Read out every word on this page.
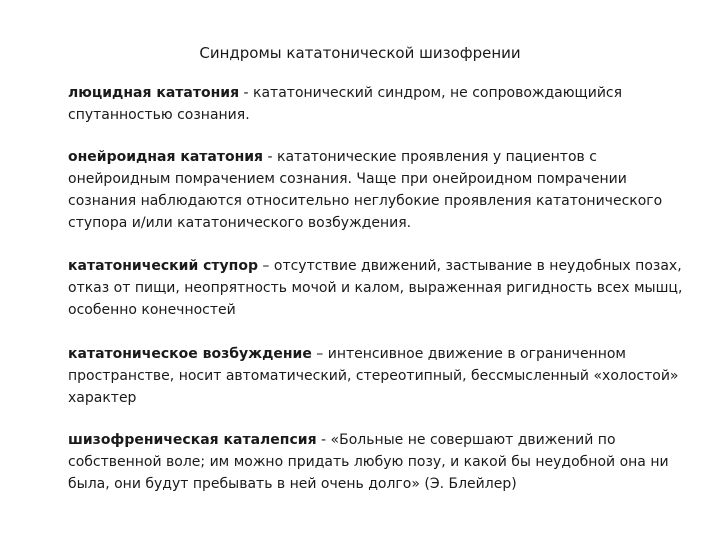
Синдромы кататонической шизофрении

люцидная кататония - кататонический синдром, не сопровождающийся спутанностью сознания.

онейроидная кататония - кататонические проявления у пациентов с онейроидным помрачением сознания. Чаще при онейроидном помрачении сознания наблюдаются относительно неглубокие проявления кататонического ступора и/или кататонического возбуждения.

кататонический ступор – отсутствие движений, застывание в неудобных позах, отказ от пищи, неопрятность мочой и калом, выраженная ригидность всех мышц, особенно конечностей

кататоническое возбуждение – интенсивное движение в ограниченном пространстве, носит автоматический, стереотипный, бессмысленный «холостой» характер

шизофреническая каталепсия - «Больные не совершают движений по собственной воле; им можно придать любую позу, и какой бы неудобной она ни была, они будут пребывать в ней очень долго» (Э. Блейлер)
